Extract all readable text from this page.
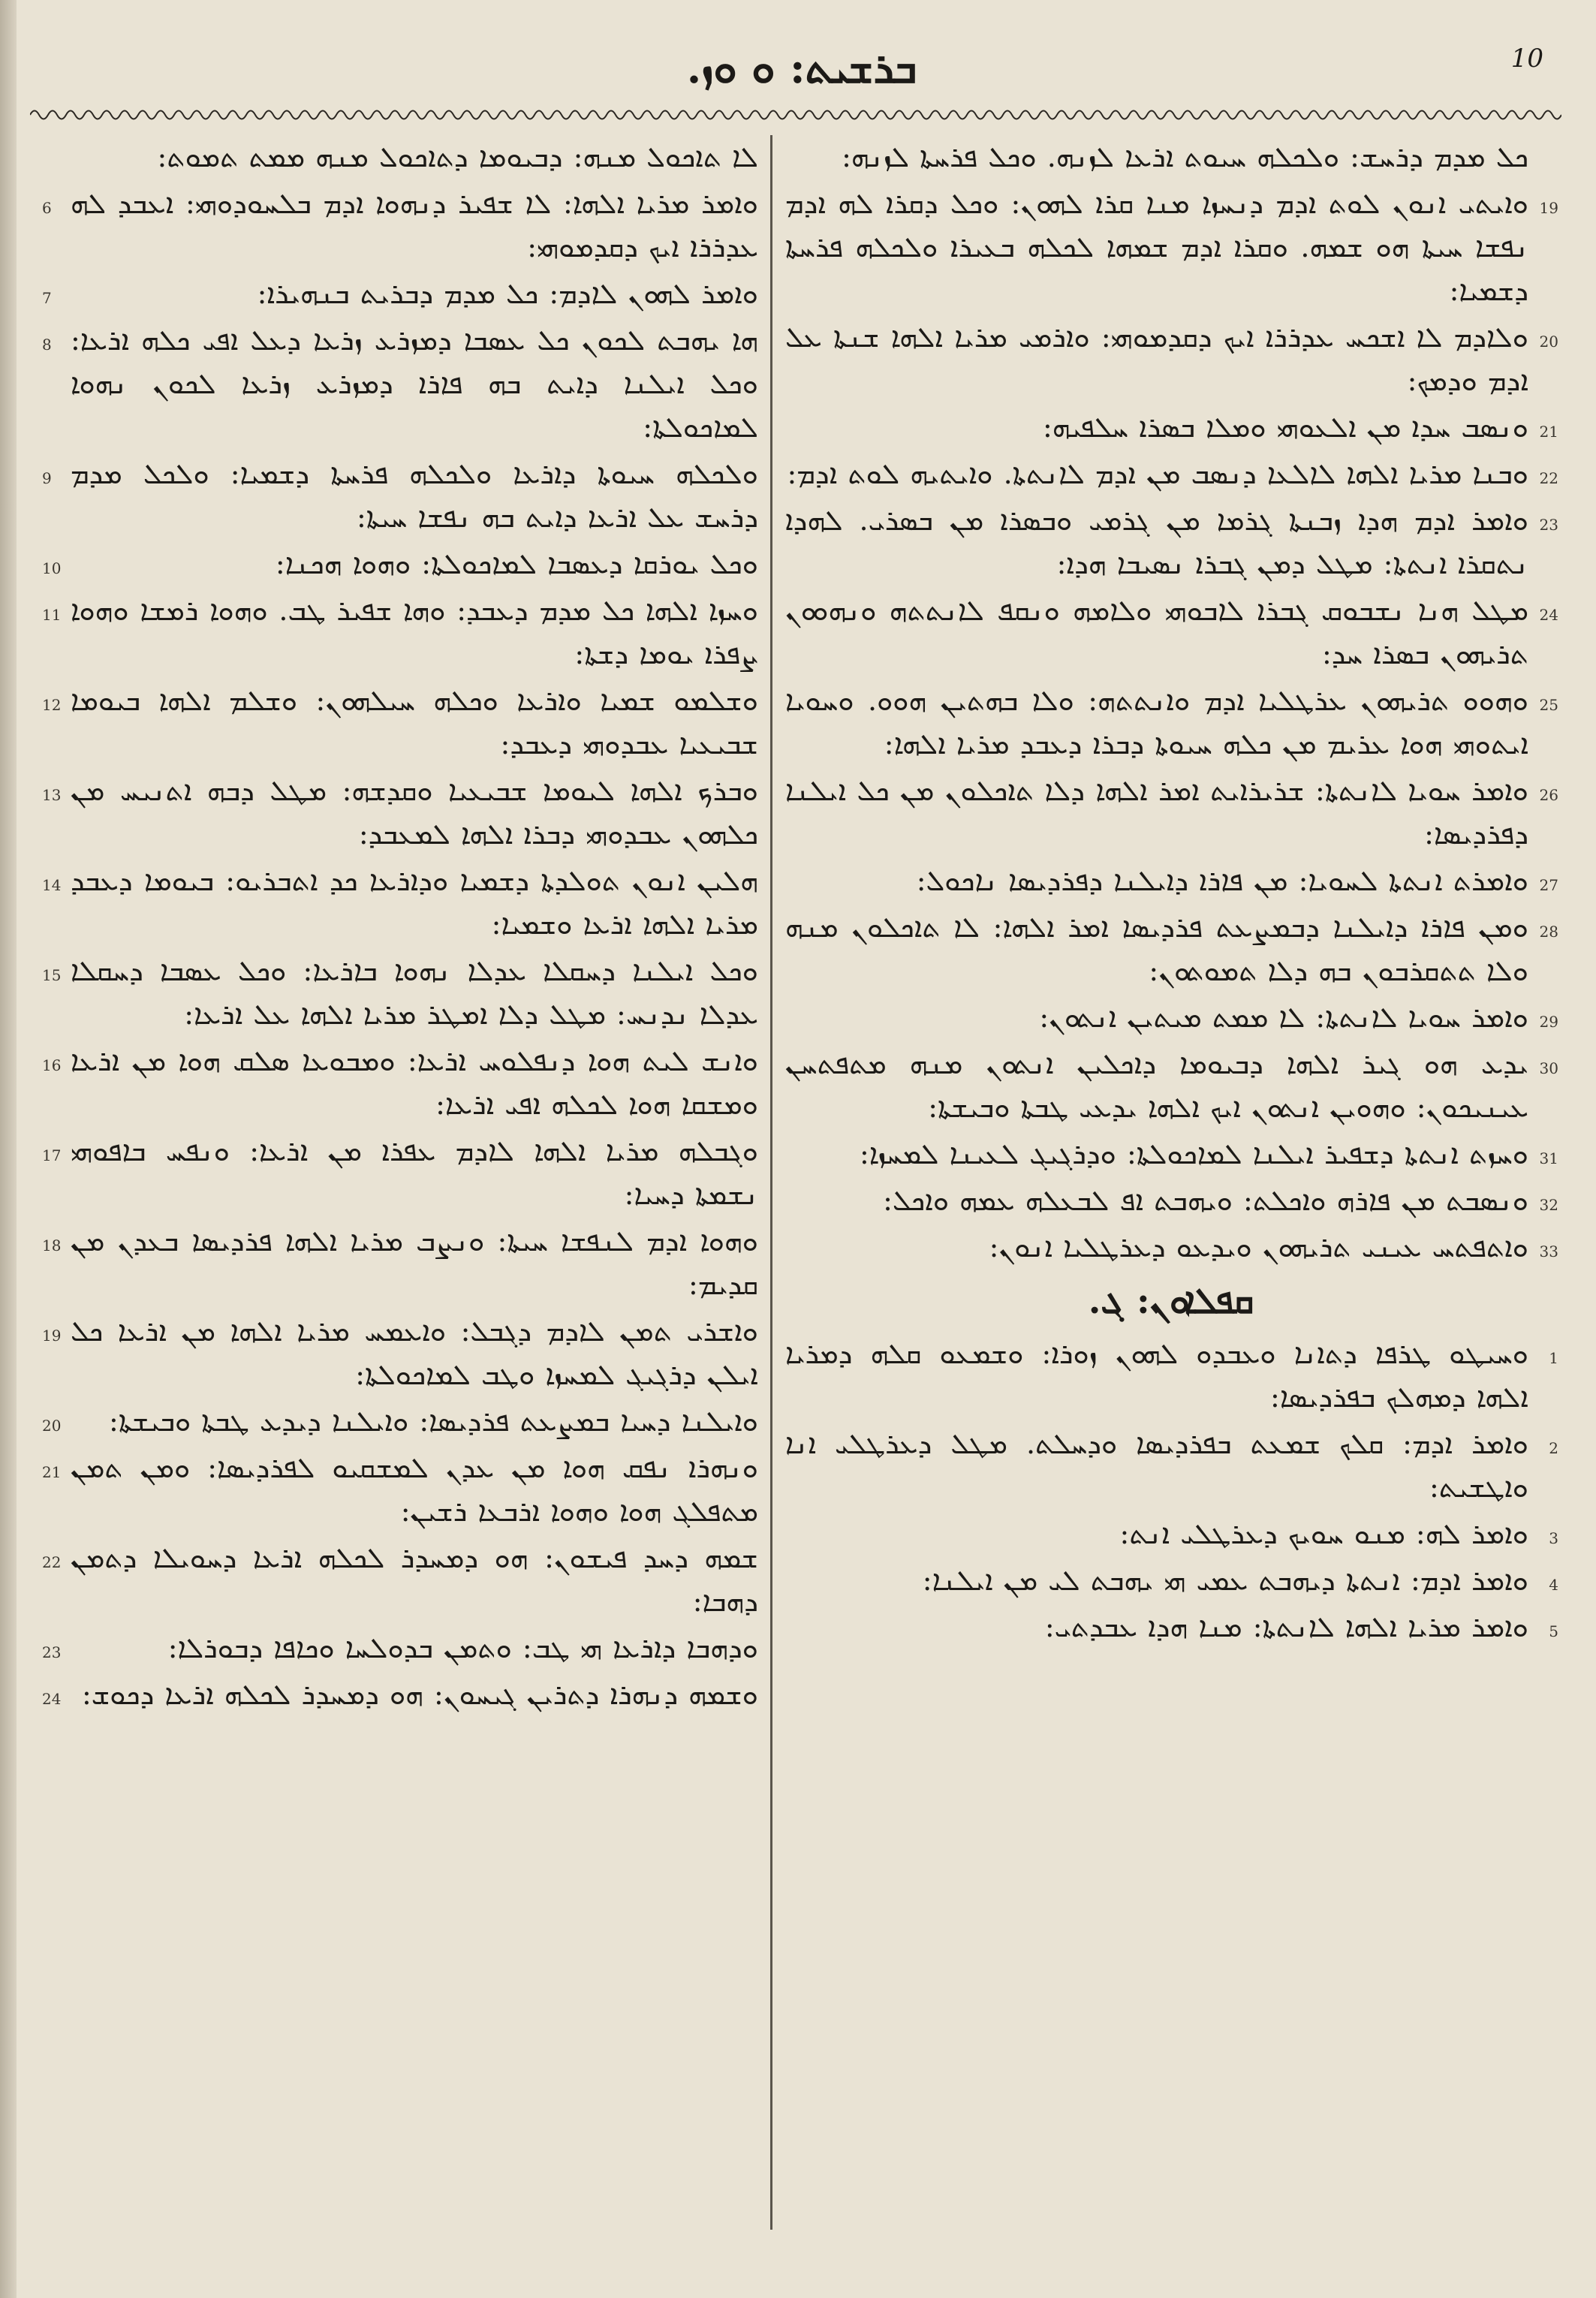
ܒܪܫܝܬ: ܘ ܘܙ.	10
ܟܠ ܡܕܡ ܕܪܚܫ: ܘܠܟܠܗ ܚܝܘܬ ܐܪܥܐ ܠܙܢܗ. ܘܟܠ ܦܪܚܬܐ ܠܙܢܗ:
19
ܘܐܝܬܝ ܐܢܘܢ ܠܘܬ ܐܕܡ ܕܢܚܙܐ ܡܢܐ ܩܪܐ ܠܗܘܢ: ܘܟܠ ܕܩܪܐ ܠܗ ܐܕܡ ܢܦܫܐ ܚܝܬܐ ܗܘ ܫܡܗ. ܘܩܪܐ ܐܕܡ ܫܡܗܐ ܠܟܠܗ ܒܥܝܪܐ ܘܠܟܠܗ ܦܪܚܬܐ ܕܫܡܝܐ:
20
ܘܠܐܕܡ ܠܐ ܐܫܟܚ ܥܕܪܪܐ ܐܝܟ ܕܩܕܡܘܗܝ: ܘܐܪܡܝ ܡܪܝܐ ܐܠܗܐ ܫܢܬܐ ܥܠ ܐܕܡ ܘܕܡܟ:
21
ܘܢܣܒ ܚܕܐ ܡܢ ܐܠܥܘܗܝ ܘܡܠܐ ܒܣܪܐ ܚܠܦܝܗ:
22
ܘܒܢܐ ܡܪܝܐ ܐܠܗܐ ܠܐܠܥܐ ܕܢܣܒ ܡܢ ܐܕܡ ܠܐܢܬܬܐ. ܘܐܝܬܝܗ ܠܘܬ ܐܕܡ:
23
ܘܐܡܪ ܐܕܡ ܗܕܐ ܙܒܢܬܐ ܓܪܡܐ ܡܢ ܓܪܡܝ ܘܒܣܪܐ ܡܢ ܒܣܪܝ. ܠܗܕܐ ܢܬܩܪܐ ܐܢܬܬܐ: ܡܛܠ ܕܡܢ ܓܒܪܐ ܢܣܝܒܐ ܗܕܐ:
24
ܡܛܠ ܗܢܐ ܢܫܒܘܩ ܓܒܪܐ ܠܐܒܘܗܝ ܘܠܐܡܗ ܘܢܩܦ ܠܐܢܬܬܗ ܘܢܗܘܘܢ ܬܪܝܗܘܢ ܒܣܪܐ ܚܕ:
25
ܘܗܘܘ ܬܪܝܗܘܢ ܥܪܛܠܝܐ ܐܕܡ ܘܐܢܬܬܗ: ܘܠܐ ܒܗܬܝܢ ܗܘܘ. ܘܚܘܝܐ ܐܝܬܘܗܝ ܗܘܐ ܥܪܝܡ ܡܢ ܟܠܗ ܚܝܘܬܐ ܕܒܪܐ ܕܥܒܕ ܡܪܝܐ ܐܠܗܐ:
26
ܘܐܡܪ ܚܘܝܐ ܠܐܢܬܬܐ: ܫܪܝܪܐܝܬ ܐܡܪ ܐܠܗܐ ܕܠܐ ܬܐܟܠܘܢ ܡܢ ܟܠ ܐܝܠܢܐ ܕܦܪܕܝܣܐ:
27
ܘܐܡܪܬ ܐܢܬܬܐ ܠܚܘܝܐ: ܡܢ ܦܐܪܐ ܕܐܝܠܢܐ ܕܦܪܕܝܣܐ ܢܐܟܘܠ:
28
ܘܡܢ ܦܐܪܐ ܕܐܝܠܢܐ ܕܒܡܨܥܬ ܦܪܕܝܣܐ ܐܡܪ ܐܠܗܐ: ܠܐ ܬܐܟܠܘܢ ܡܢܗ ܘܠܐ ܬܬܩܪܒܘܢ ܒܗ ܕܠܐ ܬܡܘܬܘܢ:
29
ܘܐܡܪ ܚܘܝܐ ܠܐܢܬܬܐ: ܠܐ ܡܡܬ ܡܝܬܝܢ ܐܢܬܘܢ:
30
ܝܕܥ ܗܘ ܓܝܪ ܐܠܗܐ ܕܒܝܘܡܐ ܕܐܟܠܝܢ ܐܢܬܘܢ ܡܢܗ ܡܬܦܬܚܢ ܥܝܢܝܟܘܢ: ܘܗܘܝܢ ܐܢܬܘܢ ܐܝܟ ܐܠܗܐ ܝܕܥܝ ܛܒܬܐ ܘܒܝܫܬܐ:
31
ܘܚܙܬ ܐܢܬܬܐ ܕܫܦܝܪ ܐܝܠܢܐ ܠܡܐܟܘܠܬܐ: ܘܕܪܓܝܓ ܠܥܝܢܐ ܠܡܚܙܐ:
32
ܘܢܣܒܬ ܡܢ ܦܐܪܗ ܘܐܟܠܬ: ܘܝܗܒܬ ܐܦ ܠܒܥܠܗ ܥܡܗ ܘܐܟܠ:
33
ܘܐܬܦܬܚ ܥܝܢܝ ܬܪܝܗܘܢ ܘܝܕܥܘ ܕܥܪܛܠܝܐ ܐܢܘܢ:
ܩܦܠܐܘܢ: ܓ.
1
ܘܚܝܛܘ ܛܪܦܐ ܕܬܐܢܐ ܘܥܒܕܘ ܠܗܘܢ ܙܘܪܐ: ܘܫܡܥܘ ܩܠܗ ܕܡܪܝܐ ܐܠܗܐ ܕܡܗܠܟ ܒܦܪܕܝܣܐ:
2
ܘܐܡܪ ܐܕܡ: ܩܠܟ ܫܡܥܬ ܒܦܪܕܝܣܐ ܘܕܚܠܬ. ܡܛܠ ܕܥܪܛܠܝ ܐܢܐ ܘܐܛܫܝܬ:
3
ܘܐܡܪ ܠܗ: ܡܢܘ ܚܘܝܟ ܕܥܪܛܠܝ ܐܢܬ:
4
ܘܐܡܪ ܐܕܡ: ܐܢܬܬܐ ܕܝܗܒܬ ܥܡܝ ܗܝ ܝܗܒܬ ܠܝ ܡܢ ܐܝܠܢܐ:
5
ܘܐܡܪ ܡܪܝܐ ܐܠܗܐ ܠܐܢܬܬܐ: ܡܢܐ ܗܕܐ ܥܒܕܬܝ:
ܠܐ ܬܐܟܘܠ ܡܢܗ: ܕܒܝܘܡܐ ܕܬܐܟܘܠ ܡܢܗ ܡܡܬ ܬܡܘܬ:
6 ܘܐܡܪ ܡܪܝܐ ܐܠܗܐ: ܠܐ ܫܦܝܪ ܕܢܗܘܐ ܐܕܡ ܒܠܚܘܕܘܗܝ: ܐܥܒܕ ܠܗ ܥܕܪܪܐ ܐܝܟ ܕܩܕܡܘܗܝ:
7	ܘܐܡܪ ܠܗܘܢ ܠܐܕܡ: ܟܠ ܡܕܡ ܕܒܪܝܬ ܒܢܗܝܪܐ:
8 ܗܐ ܝܗܒܬ ܠܟܘܢ ܟܠ ܥܣܒܐ ܕܡܙܪܥ ܙܪܥܐ ܕܥܠ ܐܦܝ ܟܠܗ ܐܪܥܐ: ܘܟܠ ܐܝܠܢܐ ܕܐܝܬ ܒܗ ܦܐܪܐ ܕܡܙܪܥ ܙܪܥܐ ܠܟܘܢ ܢܗܘܐ ܠܡܐܟܘܠܬܐ:
9 ܘܠܟܠܗ ܚܝܘܬܐ ܕܐܪܥܐ ܘܠܟܠܗ ܦܪܚܬܐ ܕܫܡܝܐ: ܘܠܟܠ ܡܕܡ ܕܪܚܫ ܥܠ ܐܪܥܐ ܕܐܝܬ ܒܗ ܢܦܫܐ ܚܝܬܐ:
10	ܘܟܠ ܝܘܪܩܐ ܕܥܣܒܐ ܠܡܐܟܘܠܬܐ: ܘܗܘܐ ܗܟܢܐ:
11 ܘܚܙܐ ܐܠܗܐ ܟܠ ܡܕܡ ܕܥܒܕ: ܘܗܐ ܫܦܝܪ ܛܒ. ܘܗܘܐ ܪܡܫܐ ܘܗܘܐ ܨܦܪܐ ܝܘܡܐ ܕܫܬܐ:
12 ܘܫܠܡܘ ܫܡܝܐ ܘܐܪܥܐ ܘܟܠܗ ܚܝܠܗܘܢ: ܘܫܠܡ ܐܠܗܐ ܒܝܘܡܐ ܫܒܝܥܝܐ ܥܒܕܘܗܝ ܕܥܒܕ:
13 ܘܒܪܟ ܐܠܗܐ ܠܝܘܡܐ ܫܒܝܥܝܐ ܘܩܕܫܗ: ܡܛܠ ܕܒܗ ܐܬܢܝܚ ܡܢ ܟܠܗܘܢ ܥܒܕܘܗܝ ܕܒܪܐ ܐܠܗܐ ܠܡܥܒܕ:
14 ܗܠܝܢ ܐܢܘܢ ܬܘܠܕܬܐ ܕܫܡܝܐ ܘܕܐܪܥܐ ܟܕ ܐܬܒܪܝܘ: ܒܝܘܡܐ ܕܥܒܕ ܡܪܝܐ ܐܠܗܐ ܐܪܥܐ ܘܫܡܝܐ:
15 ܘܟܠ ܐܝܠܢܐ ܕܚܩܠܐ ܥܕܠܐ ܢܗܘܐ ܒܐܪܥܐ: ܘܟܠ ܥܣܒܐ ܕܚܩܠܐ ܥܕܠܐ ܢܕܢܚ: ܡܛܠ ܕܠܐ ܐܡܛܪ ܡܪܝܐ ܐܠܗܐ ܥܠ ܐܪܥܐ:
16 ܘܐܢܫ ܠܝܬ ܗܘܐ ܕܢܦܠܘܚ ܐܪܥܐ: ܘܡܒܘܥܐ ܣܠܩ ܗܘܐ ܡܢ ܐܪܥܐ ܘܡܫܩܐ ܗܘܐ ܠܟܠܗ ܐܦܝ ܐܪܥܐ:
17 ܘܓܒܠܗ ܡܪܝܐ ܐܠܗܐ ܠܐܕܡ ܥܦܪܐ ܡܢ ܐܪܥܐ: ܘܢܦܚ ܒܐܦܘܗܝ ܢܫܡܬܐ ܕܚܝܐ:
18 ܘܗܘܐ ܐܕܡ ܠܢܦܫܐ ܚܝܬܐ: ܘܢܨܒ ܡܪܝܐ ܐܠܗܐ ܦܪܕܝܣܐ ܒܥܕܢ ܡܢ ܩܕܝܡ:
19 ܘܐܫܪܝ ܬܡܢ ܠܐܕܡ ܕܓܒܠ: ܘܐܥܡܚ ܡܪܝܐ ܐܠܗܐ ܡܢ ܐܪܥܐ ܟܠ ܐܝܠܢ ܕܪܓܝܓ ܠܡܚܙܐ ܘܛܒ ܠܡܐܟܘܠܬܐ:
20 ܘܐܝܠܢܐ ܕܚܝܐ ܒܡܨܥܬ ܦܪܕܝܣܐ: ܘܐܝܠܢܐ ܕܝܕܥ ܛܒܬܐ ܘܒܝܫܬܐ:
21 ܘܢܗܪܐ ܢܦܩ ܗܘܐ ܡܢ ܥܕܢ ܠܡܫܩܝܘ ܠܦܪܕܝܣܐ: ܘܡܢ ܬܡܢ ܡܬܦܠܓ ܗܘܐ ܘܗܘܐ ܐܪܒܥܐ ܪܫܝܢ:
22 ܫܡܗ ܕܚܕ ܦܝܫܘܢ: ܗܘ ܕܡܚܕܪ ܠܟܠܗ ܐܪܥܐ ܕܚܘܝܠܐ ܕܬܡܢ ܕܗܒܐ:
23	ܘܕܗܒܐ ܕܐܪܥܐ ܗܝ ܛܒ: ܘܬܡܢ ܒܕܘܠܚܐ ܘܟܐܦܐ ܕܒܘܪܠܐ:
24 ܘܫܡܗ ܕܢܗܪܐ ܕܬܪܝܢ ܓܝܚܘܢ: ܗܘ ܕܡܚܕܪ ܠܟܠܗ ܐܪܥܐ ܕܟܘܫ:
